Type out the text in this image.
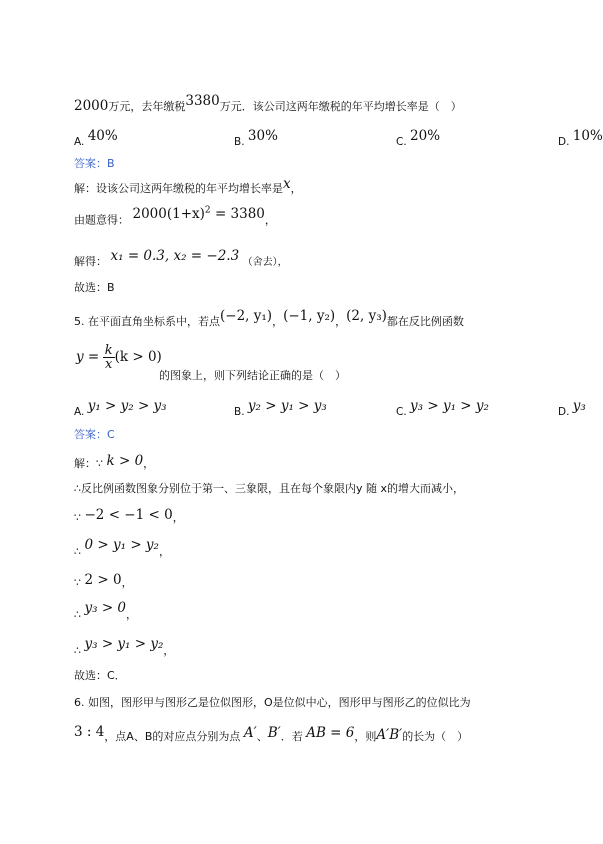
2000万元，去年缴税3380万元．该公司这两年缴税的年平均增长率是（　）
A. 40%	B. 30%	C. 20%	D. 10%
答案：B
解：设该公司这两年缴税的年平均增长率是x，
由题意得： $2000(1+x)^2 = 3380$，
解得： x₁ = 0.3, x₂ = −2.3 （舍去），
故选：B
5. 在平面直角坐标系中，若点(−2, y₁)，(−1, y₂)，(2, y₃)都在反比例函数
$y = \frac{k}{x} (k > 0)$
的图象上，则下列结论正确的是（　）
A. y₁ > y₂ > y₃	B. y₂ > y₁ > y₃	C. y₃ > y₁ > y₂	D. y₃
答案：C
解：∵ k > 0，
∴反比例函数图象分别位于第一、三象限，且在每个象限内y 随 x的增大而减小，
∵ −2 < −1 < 0，
∴ 0 > y₁ > y₂，
∵ 2 > 0，
∴ y₃ > 0，
∴ y₃ > y₁ > y₂，
故选：C．
6. 如图，图形甲与图形乙是位似图形，O是位似中心，图形甲与图形乙的位似比为
3 : 4，点A、B的对应点分别为点 A′、B′．若 AB = 6，则A′B′的长为（　）
